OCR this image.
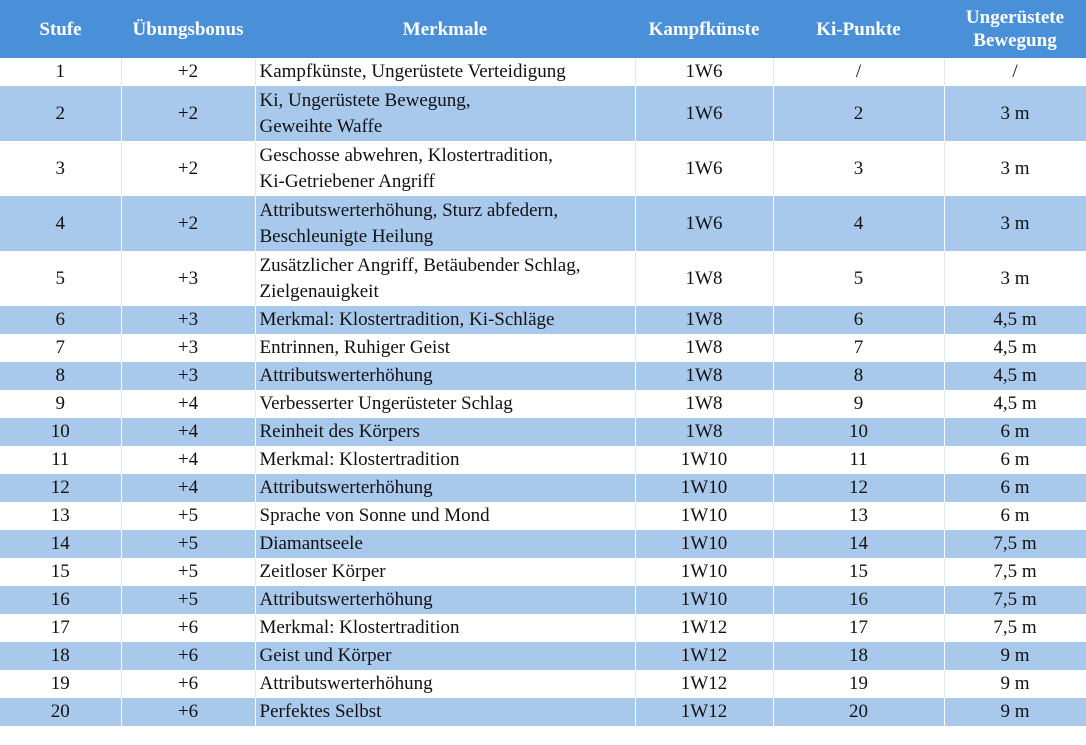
Stufe	Übungsbonus	Merkmale	Kampfkünste	Ki-Punkte	Ungerüstete
Bewegung
1	+2	Kampfkünste, Ungerüstete Verteidigung	1W6	/	/
2	+2	Ki, Ungerüstete Bewegung,
Geweihte Waffe	1W6	2	3 m
3	+2	Geschosse abwehren, Klostertradition,
Ki-Getriebener Angriff	1W6	3	3 m
4	+2	Attributswerterhöhung, Sturz abfedern,
Beschleunigte Heilung	1W6	4	3 m
5	+3	Zusätzlicher Angriff, Betäubender Schlag,
Zielgenauigkeit	1W8	5	3 m
6	+3	Merkmal: Klostertradition, Ki-Schläge	1W8	6	4,5 m
7	+3	Entrinnen, Ruhiger Geist	1W8	7	4,5 m
8	+3	Attributswerterhöhung	1W8	8	4,5 m
9	+4	Verbesserter Ungerüsteter Schlag	1W8	9	4,5 m
10	+4	Reinheit des Körpers	1W8	10	6 m
11	+4	Merkmal: Klostertradition	1W10	11	6 m
12	+4	Attributswerterhöhung	1W10	12	6 m
13	+5	Sprache von Sonne und Mond	1W10	13	6 m
14	+5	Diamantseele	1W10	14	7,5 m
15	+5	Zeitloser Körper	1W10	15	7,5 m
16	+5	Attributswerterhöhung	1W10	16	7,5 m
17	+6	Merkmal: Klostertradition	1W12	17	7,5 m
18	+6	Geist und Körper	1W12	18	9 m
19	+6	Attributswerterhöhung	1W12	19	9 m
20	+6	Perfektes Selbst	1W12	20	9 m
